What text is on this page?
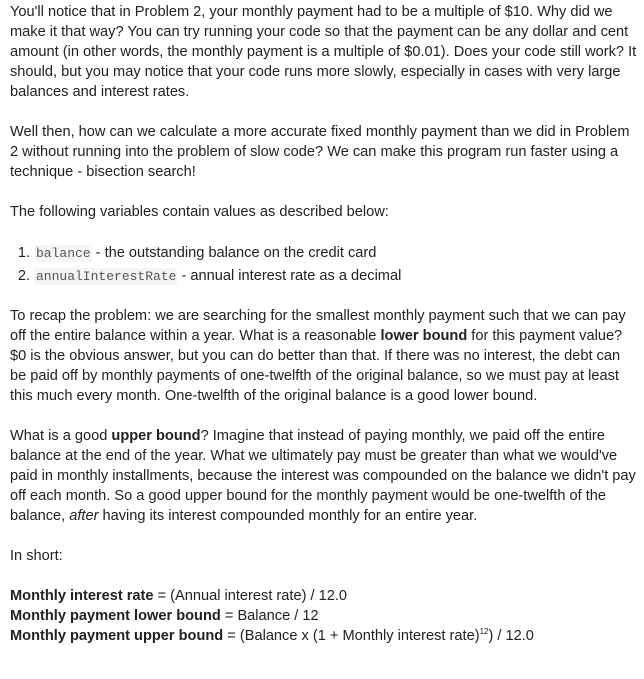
You'll notice that in Problem 2, your monthly payment had to be a multiple of $10. Why did we make it that way? You can try running your code so that the payment can be any dollar and cent amount (in other words, the monthly payment is a multiple of $0.01). Does your code still work? It should, but you may notice that your code runs more slowly, especially in cases with very large balances and interest rates.

Well then, how can we calculate a more accurate fixed monthly payment than we did in Problem 2 without running into the problem of slow code? We can make this program run faster using a technique - bisection search!

The following variables contain values as described below:

1. balance - the outstanding balance on the credit card
2. annualInterestRate - annual interest rate as a decimal

To recap the problem: we are searching for the smallest monthly payment such that we can pay off the entire balance within a year. What is a reasonable lower bound for this payment value? $0 is the obvious answer, but you can do better than that. If there was no interest, the debt can be paid off by monthly payments of one-twelfth of the original balance, so we must pay at least this much every month. One-twelfth of the original balance is a good lower bound.

What is a good upper bound? Imagine that instead of paying monthly, we paid off the entire balance at the end of the year. What we ultimately pay must be greater than what we would've paid in monthly installments, because the interest was compounded on the balance we didn't pay off each month. So a good upper bound for the monthly payment would be one-twelfth of the balance, after having its interest compounded monthly for an entire year.

In short:

Monthly interest rate = (Annual interest rate) / 12.0
Monthly payment lower bound = Balance / 12
Monthly payment upper bound = (Balance x (1 + Monthly interest rate)$^{12}$) / 12.0
